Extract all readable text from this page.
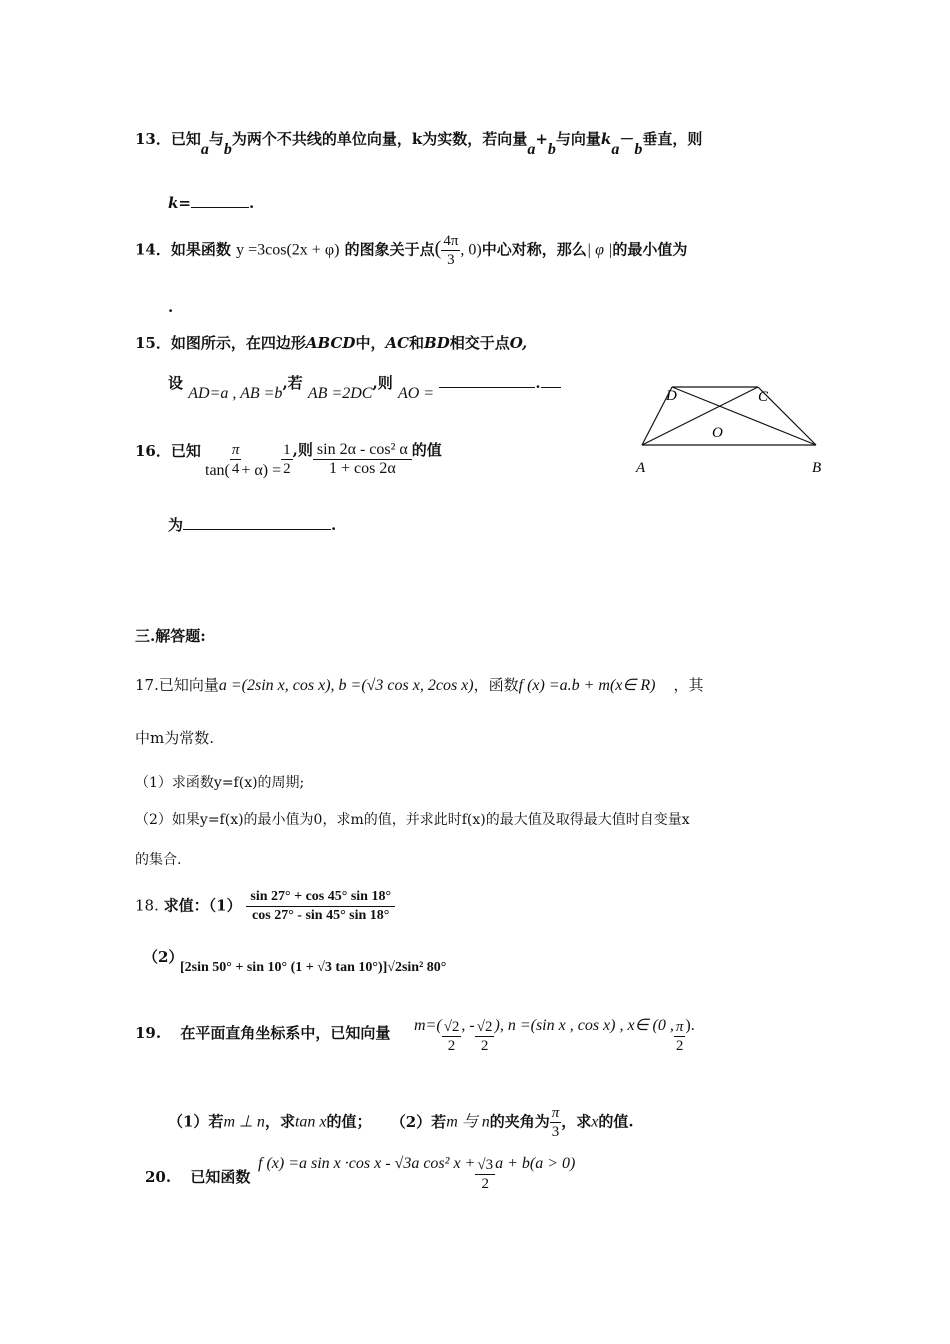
13．已知a与b为两个不共线的单位向量，k为实数，若向量a+b与向量ka－b垂直，则
k=	.
14．如果函数 y =3cos(2x + φ) 的图象关于点( $\frac{4\pi}{3}$ , 0)中心对称，那么| φ |的最小值为
.
15．如图所示，在四边形ABCD中，AC和BD相交于点O,
设 AD=a , AB =b,若 AB =2DC,则 AO = .
D	C
O
A	B
16．已知
$\tan( \frac{\pi}{4} + \alpha) = \frac{1}{2}$ ,则 $\frac{\text{sin 2α - cos² α}}{1 + \cos 2\alpha}$ 的值
为	.
三.解答题:
17.已知向量a =(2sin x, cos x), b =(√3 cos x, 2cos x)，函数f (x) =a.b + m(x∈ R) ，其
中m为常数.
（1）求函数y=f(x)的周期;
（2）如果y=f(x)的最小值为0，求m的值，并求此时f(x)的最大值及取得最大值时自变量x
的集合.
18. 求值：$(1) \frac{\sin 27^\circ + \cos 45^\circ \sin 18^\circ}{\cos 27^\circ - \sin 45^\circ \sin 18^\circ}$
（2）
[2sin 50° + sin 10° (1 + √3 tan 10°)]√2sin² 80°
19. 在平面直角坐标系中，已知向量 $m=( \frac{√2}{2}$ , - $\frac{√2}{2}$ ), n =(sin x , cos x) , x∈ (0 , $\frac{\pi}{2}$ ).
（1）若m ⊥ n，求tan x的值； （2）若m 与 n的夹角为 $\frac{\pi}{3}$ ，求x的值.
20. 已知函数
f (x) =a sin x ·cos x - √3a cos² $x + \frac{√3}{2}$ a + b(a > 0)
